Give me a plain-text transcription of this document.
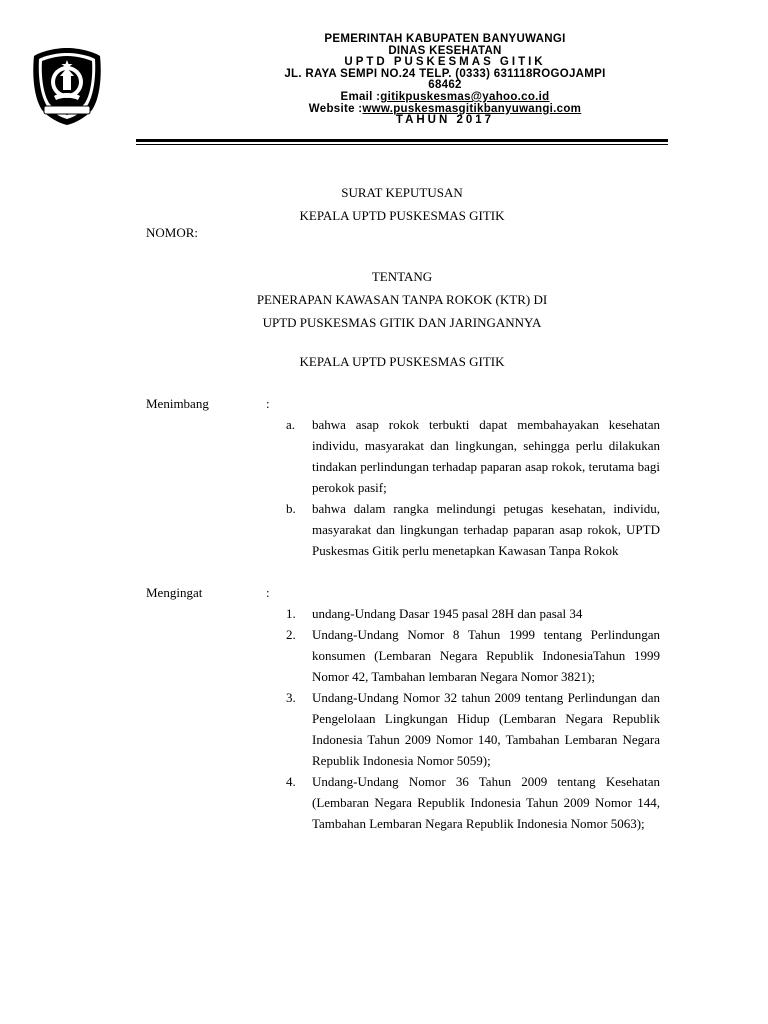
PEMERINTAH KABUPATEN BANYUWANGI
DINAS KESEHATAN
UPTD PUSKESMAS GITIK
JL. RAYA SEMPI NO.24 TELP. (0333) 631118ROGOJAMPI
68462
Email :gitikpuskesmas@yahoo.co.id
Website :www.puskesmasgitikbanyuwangi.com
TAHUN 2017
SURAT KEPUTUSAN
KEPALA UPTD PUSKESMAS GITIK
NOMOR:
TENTANG
PENERAPAN KAWASAN TANPA ROKOK (KTR) DI
UPTD PUSKESMAS GITIK DAN JARINGANNYA
KEPALA UPTD PUSKESMAS GITIK
Menimbang	:
a.	bahwa asap rokok terbukti dapat membahayakan kesehatan individu, masyarakat dan lingkungan, sehingga perlu dilakukan tindakan perlindungan terhadap paparan asap rokok, terutama bagi perokok pasif;
b.	bahwa dalam rangka melindungi petugas kesehatan, individu, masyarakat dan lingkungan terhadap paparan asap rokok, UPTD Puskesmas Gitik perlu menetapkan Kawasan Tanpa Rokok
Mengingat	:
1.	undang-Undang Dasar 1945 pasal 28H dan pasal 34
2.	Undang-Undang Nomor 8 Tahun 1999 tentang Perlindungan konsumen (Lembaran Negara Republik IndonesiaTahun 1999 Nomor 42, Tambahan lembaran Negara Nomor 3821);
3.	Undang-Undang Nomor 32 tahun 2009 tentang Perlindungan dan Pengelolaan Lingkungan Hidup (Lembaran Negara Republik Indonesia Tahun 2009 Nomor 140, Tambahan Lembaran Negara Republik Indonesia Nomor 5059);
4.	Undang-Undang Nomor 36 Tahun 2009 tentang Kesehatan (Lembaran Negara Republik Indonesia Tahun 2009 Nomor 144, Tambahan Lembaran Negara Republik Indonesia Nomor 5063);
